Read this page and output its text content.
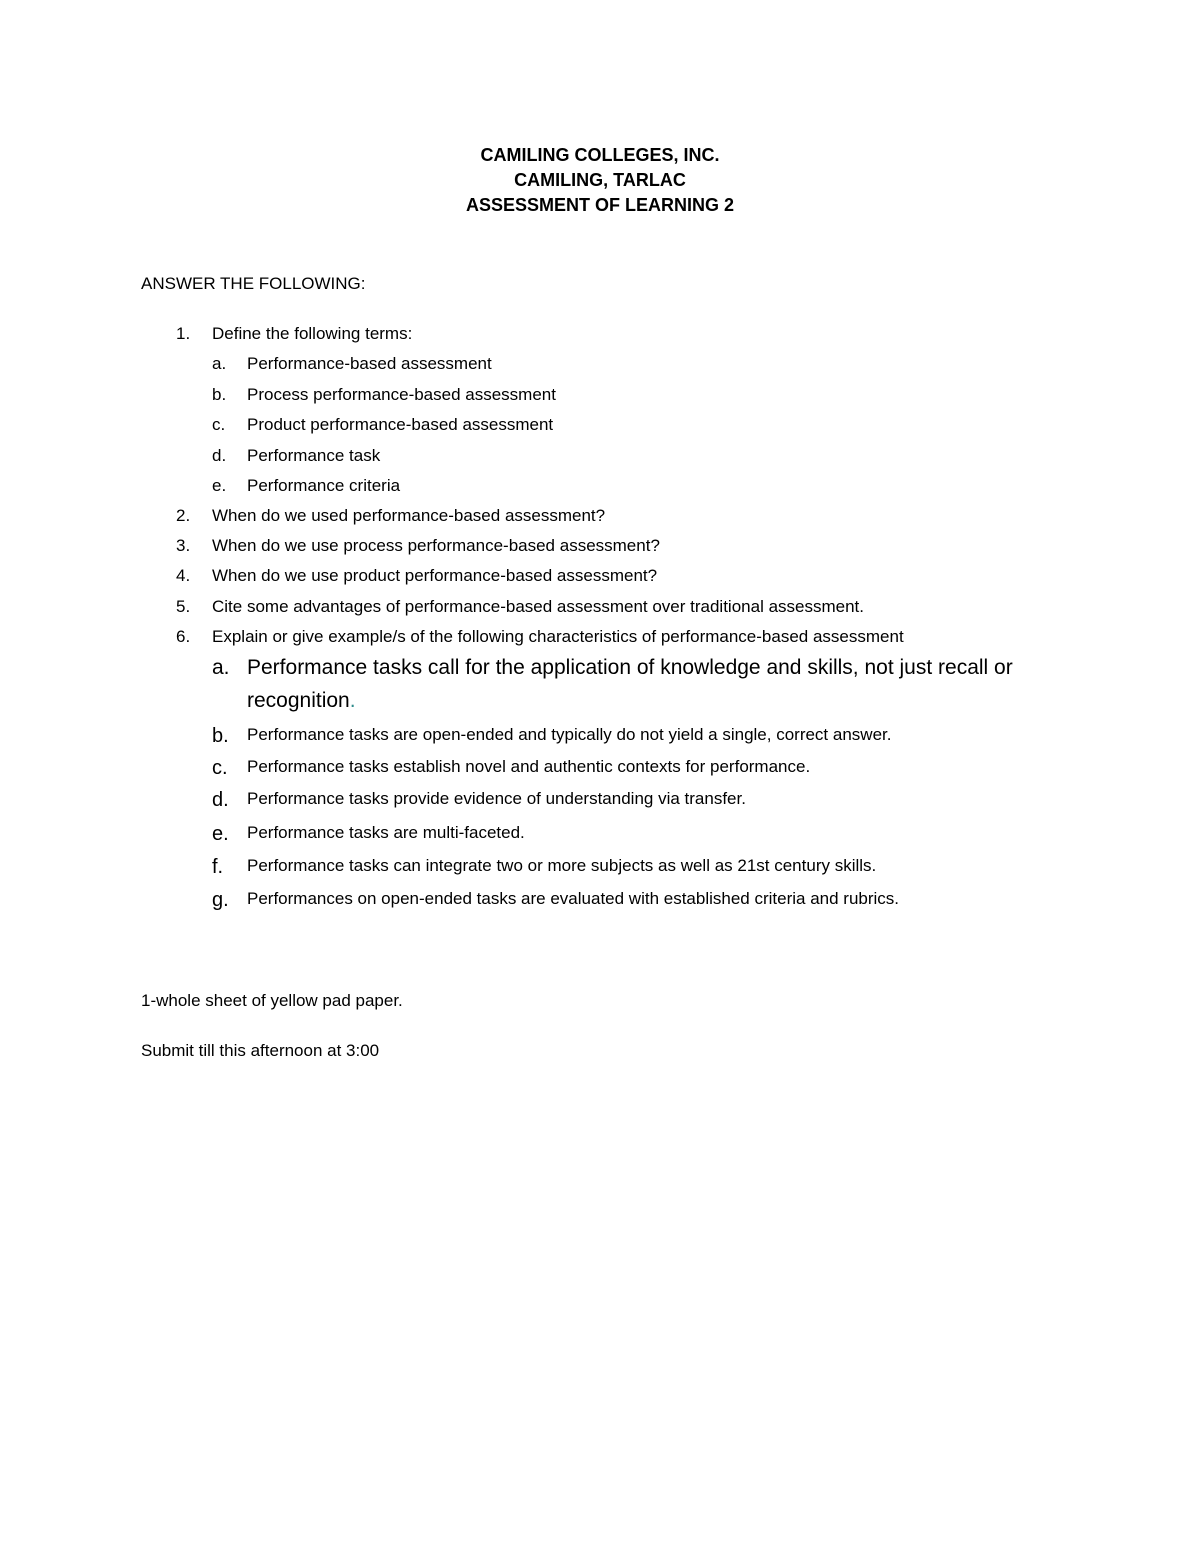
CAMILING COLLEGES, INC.
CAMILING, TARLAC
ASSESSMENT OF LEARNING 2
ANSWER THE FOLLOWING:
1.	Define the following terms:
a.	Performance-based assessment
b.	Process performance-based assessment
c.	Product performance-based assessment
d.	Performance task
e.	Performance criteria
2.	When do we used performance-based assessment?
3.	When do we use process performance-based assessment?
4.	When do we use product performance-based assessment?
5.	Cite some advantages of performance-based assessment over traditional assessment.
6.	Explain or give example/s of the following characteristics of performance-based assessment
a. Performance tasks call for the application of knowledge and skills, not just recall or
recognition.
b.	Performance tasks are open-ended and typically do not yield a single, correct answer.
c.	Performance tasks establish novel and authentic contexts for performance.
d.	Performance tasks provide evidence of understanding via transfer.
e.	Performance tasks are multi-faceted.
f.	Performance tasks can integrate two or more subjects as well as 21st century skills.
g.	Performances on open-ended tasks are evaluated with established criteria and rubrics.
1-whole sheet of yellow pad paper.
Submit till this afternoon at 3:00
